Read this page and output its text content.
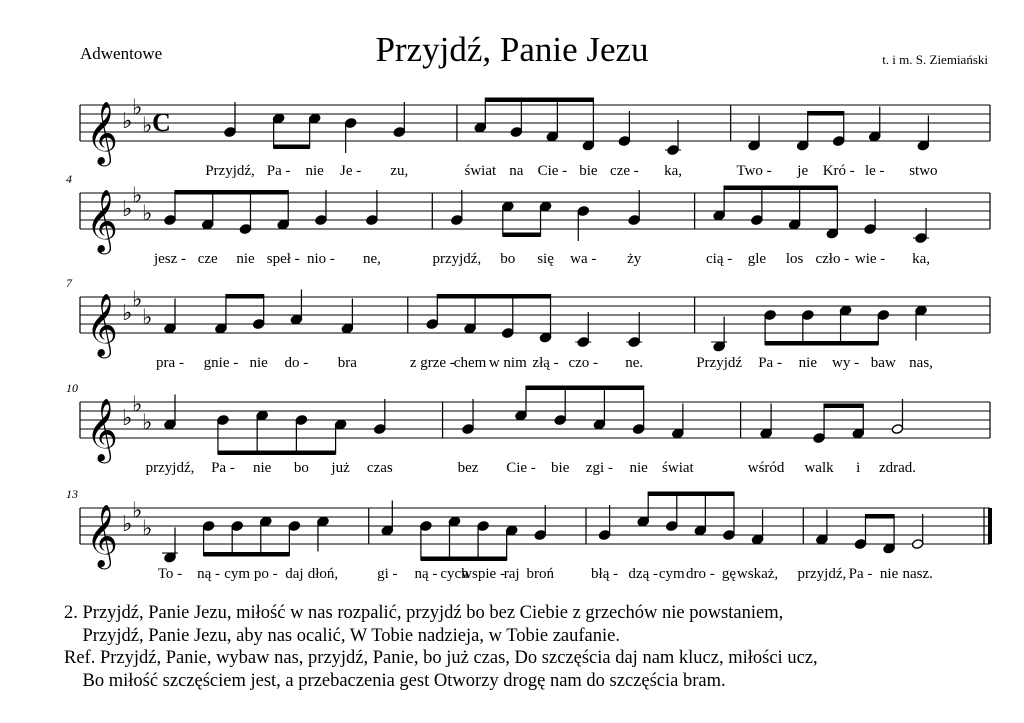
Adwentowe	Przyjdź, Panie Jezu	t. i m. S. Ziemiański
𝄞 ♭
♭
♭ C
Przyjdź, Pa - nie Je - zu,	świat na Cie - bie cze - ka,	Two - je Kró - le - stwo
𝄞 ♭
♭
♭
4
jesz - cze nie speł - nio - ne,	przyjdź, bo się wa - ży	cią - gle los czło - wie - ka,
𝄞 ♭
♭
♭
7
pra - gnie - nie do - bra	z grze - chem w nim złą - czo - ne.	Przyjdź Pa - nie wy - baw nas,
𝄞 ♭
♭
♭
10
przyjdź, Pa - nie bo już czas	bez Cie - bie zgi - nie świat	wśród walk i zdrad.
𝄞 ♭
♭
♭
13
To - ną - cym po - daj dłoń,	gi - ną - cych
wspie -
raj broń błą - dzą - cym dro - gę wskaż, przyjdź, Pa - nie nasz.
2. Przyjdź, Panie Jezu, miłość w nas rozpalić, przyjdź bo bez Ciebie z grzechów nie powstaniem,
Przyjdź, Panie Jezu, aby nas ocalić, W Tobie nadzieja, w Tobie zaufanie.
Ref. Przyjdź, Panie, wybaw nas, przyjdź, Panie, bo już czas, Do szczęścia daj nam klucz, miłości ucz,
Bo miłość szczęściem jest, a przebaczenia gest Otworzy drogę nam do szczęścia bram.
